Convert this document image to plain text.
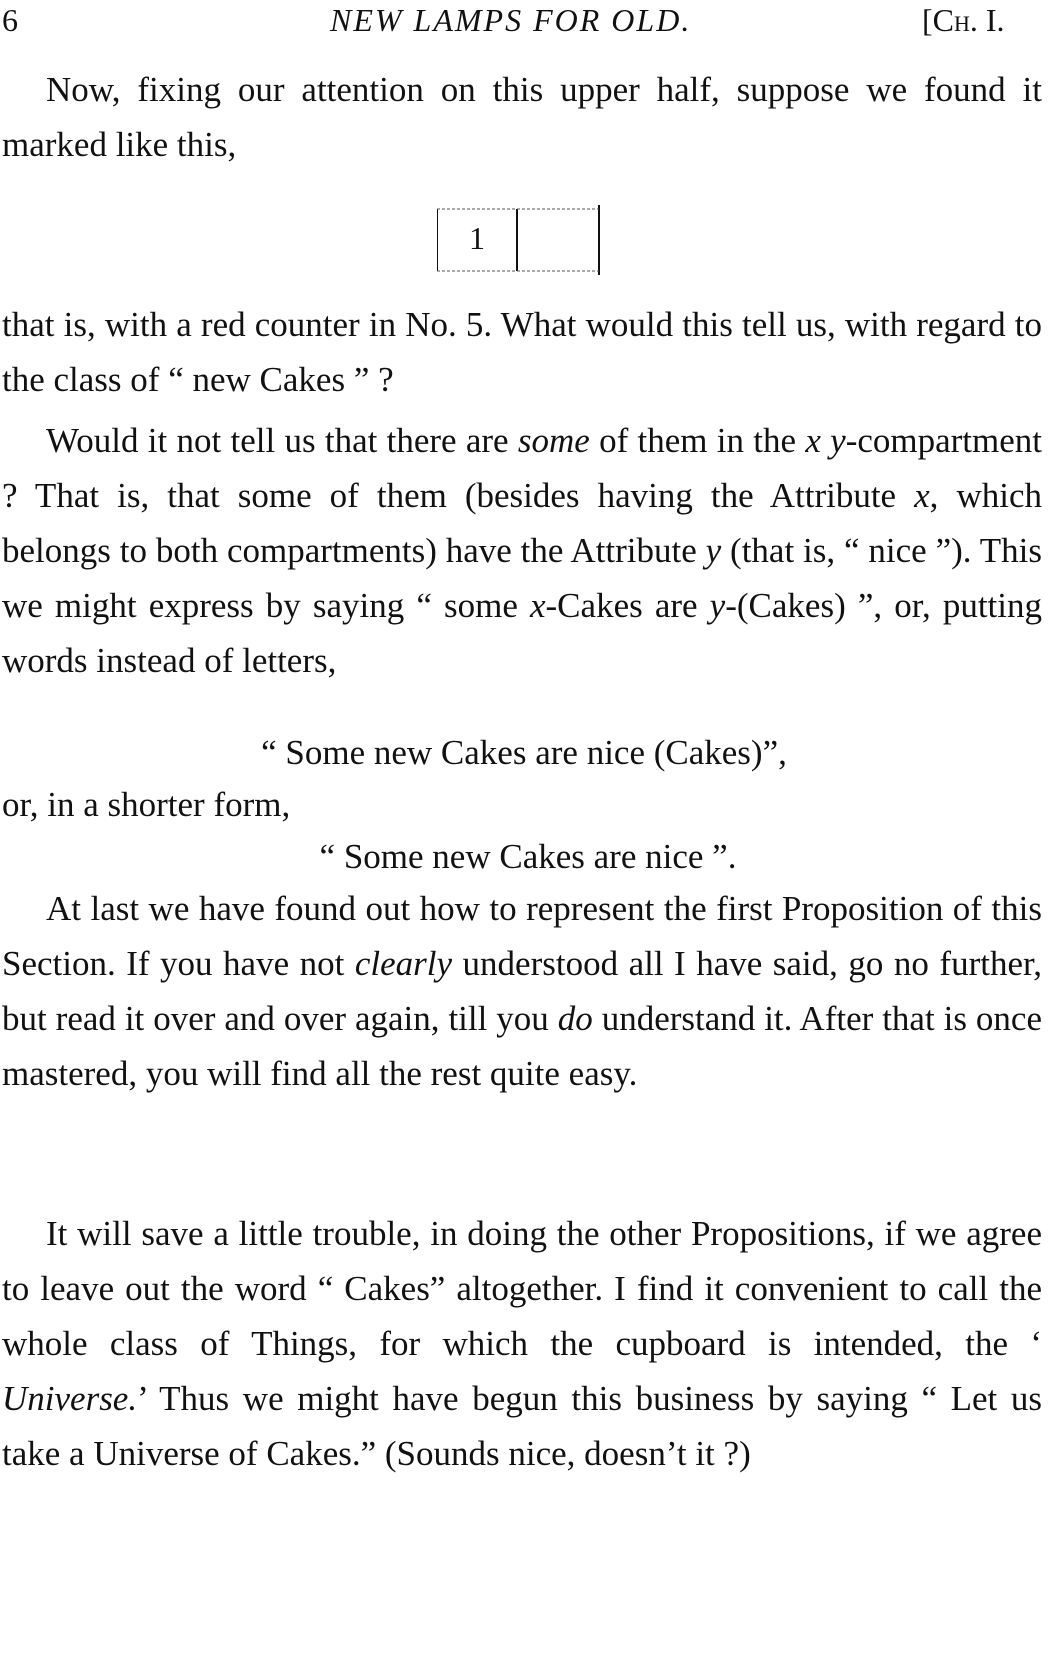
6	NEW LAMPS FOR OLD.	[Ch. I.
Now, fixing our attention on this upper half, suppose we found it marked like this,
1
that is, with a red counter in No. 5. What would this tell us, with regard to the class of “ new Cakes ” ?
Would it not tell us that there are some of them in the x y-compartment ? That is, that some of them (besides having the Attribute x, which belongs to both compartments) have the Attribute y (that is, “ nice ”). This we might express by saying “ some x-Cakes are y-(Cakes) ”, or, putting words instead of letters,
“ Some new Cakes are nice (Cakes)”,
or, in a shorter form,
“ Some new Cakes are nice ”.
At last we have found out how to represent the first Proposition of this Section. If you have not clearly understood all I have said, go no further, but read it over and over again, till you do understand it. After that is once mastered, you will find all the rest quite easy.
It will save a little trouble, in doing the other Propositions, if we agree to leave out the word “ Cakes” altogether. I find it convenient to call the whole class of Things, for which the cupboard is intended, the ‘ Universe.’ Thus we might have begun this business by saying “ Let us take a Universe of Cakes.” (Sounds nice, doesn’t it ?)
